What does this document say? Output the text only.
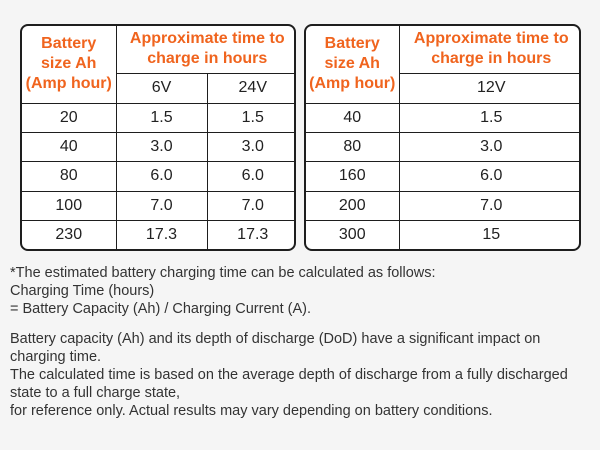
Battery
size Ah
(Amp hour)	Approximate time to
charge in hours	
	6V	24V
20	1.5	1.5
40	3.0	3.0
80	6.0	6.0
100	7.0	7.0
230	17.3	17.3
Battery
size Ah
(Amp hour)	Approximate time to
charge in hours
	12V
40	1.5
80	3.0
160	6.0
200	7.0
300	15

*The estimated battery charging time can be calculated as follows:

Charging Time (hours)

= Battery Capacity (Ah) / Charging Current (A).

Battery capacity (Ah) and its depth of discharge (DoD) have a significant impact on charging time.

The calculated time is based on the average depth of discharge from a fully discharged state to a full charge state,

for reference only. Actual results may vary depending on battery conditions.
